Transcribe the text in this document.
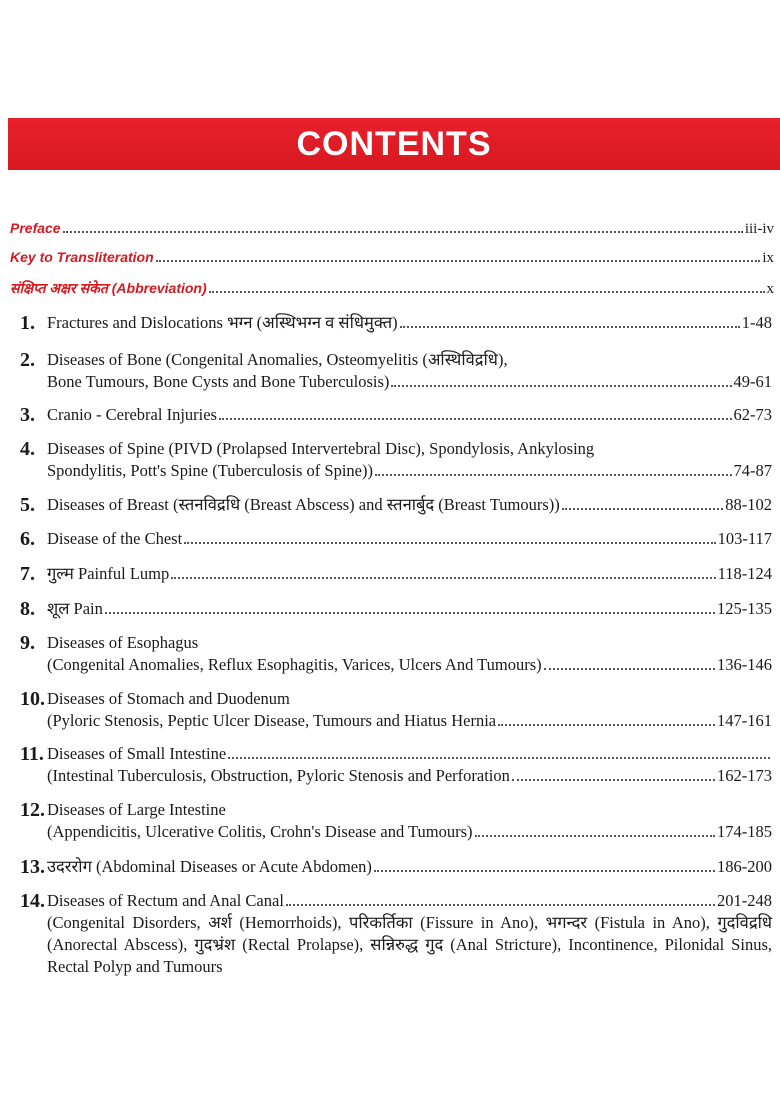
CONTENTS
Preface	iii-iv
Key to Transliteration	ix
संक्षिप्त अक्षर संकेत (Abbreviation)	x
1. Fractures and Dislocations भग्न (अस्थिभग्न व संधिमुक्त)	1-48
2. Diseases of Bone (Congenital Anomalies, Osteomyelitis (अस्थिविद्रधि),
Bone Tumours, Bone Cysts and Bone Tuberculosis)	49-61
3. Cranio - Cerebral Injuries	62-73
4. Diseases of Spine (PIVD (Prolapsed Intervertebral Disc), Spondylosis, Ankylosing
Spondylitis, Pott's Spine (Tuberculosis of Spine))	74-87
5. Diseases of Breast (स्तनविद्रधि (Breast Abscess) and स्तनार्बुद (Breast Tumours))	88-102
6. Disease of the Chest	103-117
7. गुल्म Painful Lump	118-124
8. शूल Pain	125-135
9. Diseases of Esophagus
(Congenital Anomalies, Reflux Esophagitis, Varices, Ulcers And Tumours)	136-146
10. Diseases of Stomach and Duodenum
(Pyloric Stenosis, Peptic Ulcer Disease, Tumours and Hiatus Hernia	147-161
11. Diseases of Small Intestine
(Intestinal Tuberculosis, Obstruction, Pyloric Stenosis and Perforation	162-173
12. Diseases of Large Intestine
(Appendicitis, Ulcerative Colitis, Crohn's Disease and Tumours)	174-185
13. उदररोग (Abdominal Diseases or Acute Abdomen)	186-200
14. Diseases of Rectum and Anal Canal	201-248
(Congenital Disorders, अर्श (Hemorrhoids), परिकर्तिका (Fissure in Ano), भगन्दर (Fistula in Ano), गुदविद्रधि (Anorectal Abscess), गुदभ्रंश (Rectal Prolapse), सन्निरुद्ध गुद (Anal Stricture), Incontinence, Pilonidal Sinus, Rectal Polyp and Tumours
